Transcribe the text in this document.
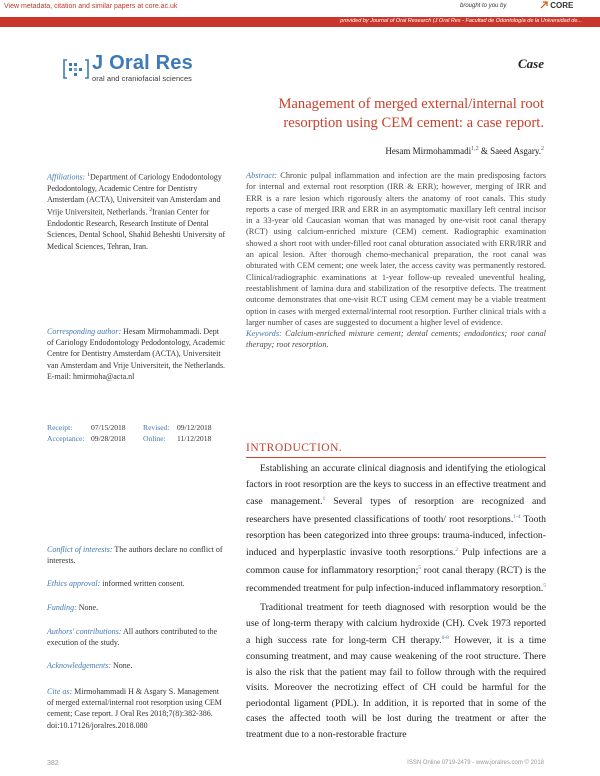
View metadata, citation and similar papers at core.ac.uk	brought to you by	CORE
provided by Journal of Oral Research (J Oral Res - Facultad de Odontología de la Universidad de...
J Oral Res
oral and craniofacial sciences
Case
Management of merged external/internal root resorption using CEM cement: a case report.
Hesam Mirmohammadi$^{1,2}$ & Saeed Asgary.$^2$
Affiliations: $^1$Department of Cariology Endodontology Pedodontology, Academic Centre for Dentistry Amsterdam (ACTA), Universiteit van Amsterdam and Vrije Universiteit, Netherlands. $^2$Iranian Center for Endodontic Research, Research Institute of Dental Sciences, Dental School, Shahid Beheshti University of Medical Sciences, Tehran, Iran.
Corresponding author: Hesam Mirmohammadi. Dept of Cariology Endodontology Pedodontology, Academic Centre for Dentistry Amsterdam (ACTA), Universiteit van Amsterdam and Vrije Universiteit, the Netherlands. E-mail: hmirmoha@acta.nl
Receipt:	07/15/2018	Revised: 09/12/2018
Acceptance: 09/28/2018	Online:	11/12/2018
Conflict of interests: The authors declare no conflict of interests.
Ethics approval: informed written consent.
Funding: None.
Authors' contributions: All authors contributed to the execution of the study.
Acknowledgements: None.
Cite as: Mirmohammadi H & Asgary S. Management of merged external/internal root resorption using CEM cement; Case report. J Oral Res 2018;7(8):382-386. doi:10.17126/joralres.2018.080
Abstract: Chronic pulpal inflammation and infection are the main predisposing factors for internal and external root resorption (IRR & ERR); however, merging of IRR and ERR is a rare lesion which rigorously alters the anatomy of root canals. This study reports a case of merged IRR and ERR in an asymptomatic maxillary left central incisor in a 33-year old Caucasian woman that was managed by one-visit root canal therapy (RCT) using calcium-enriched mixture (CEM) cement. Radiographic examination showed a short root with under-filled root canal obturation associated with ERR/IRR and an apical lesion. After thorough chemo-mechanical preparation, the root canal was obturated with CEM cement; one week later, the access cavity was permanently restored. Clinical/radiographic examinations at 1-year follow-up revealed uneventful healing, reestablishment of lamina dura and stabilization of the resorptive defects. The treatment outcome demonstrates that one-visit RCT using CEM cement may be a viable treatment option in cases with merged external/internal root resorption. Further clinical trials with a larger number of cases are suggested to document a higher level of evidence.
Keywords: Calcium-enriched mixture cement; dental cements; endodontics; root canal therapy; root resorption.
INTRODUCTION.

Establishing an accurate clinical diagnosis and identifying the etiological factors in root resorption are the keys to success in an effective treatment and case management.$^1$ Several types of resorption are recognized and researchers have presented classifications of tooth/ root resorptions.$^{1-4}$ Tooth resorption has been categorized into three groups: trauma-induced, infection-induced and hyperplastic invasive tooth resorptions.$^2$ Pulp infections are a common cause for inflammatory resorption;$^5$ root canal therapy (RCT) is the recommended treatment for pulp infection-induced inflammatory resorption.$^5$

Traditional treatment for teeth diagnosed with resorption would be the use of long-term therapy with calcium hydroxide (CH). Cvek 1973 reported a high success rate for long-term CH therapy.$^{6-8}$ However, it is a time consuming treatment, and may cause weakening of the root structure. There is also the risk that the patient may fail to follow through with the required visits. Moreover the necrotizing effect of CH could be harmful for the periodontal ligament (PDL). In addition, it is reported that in some of the cases the affected tooth will be lost during the treatment or after the treatment due to a non-restorable fracture

382	ISSN Online 0719-2479 - www.joralres.com © 2018
